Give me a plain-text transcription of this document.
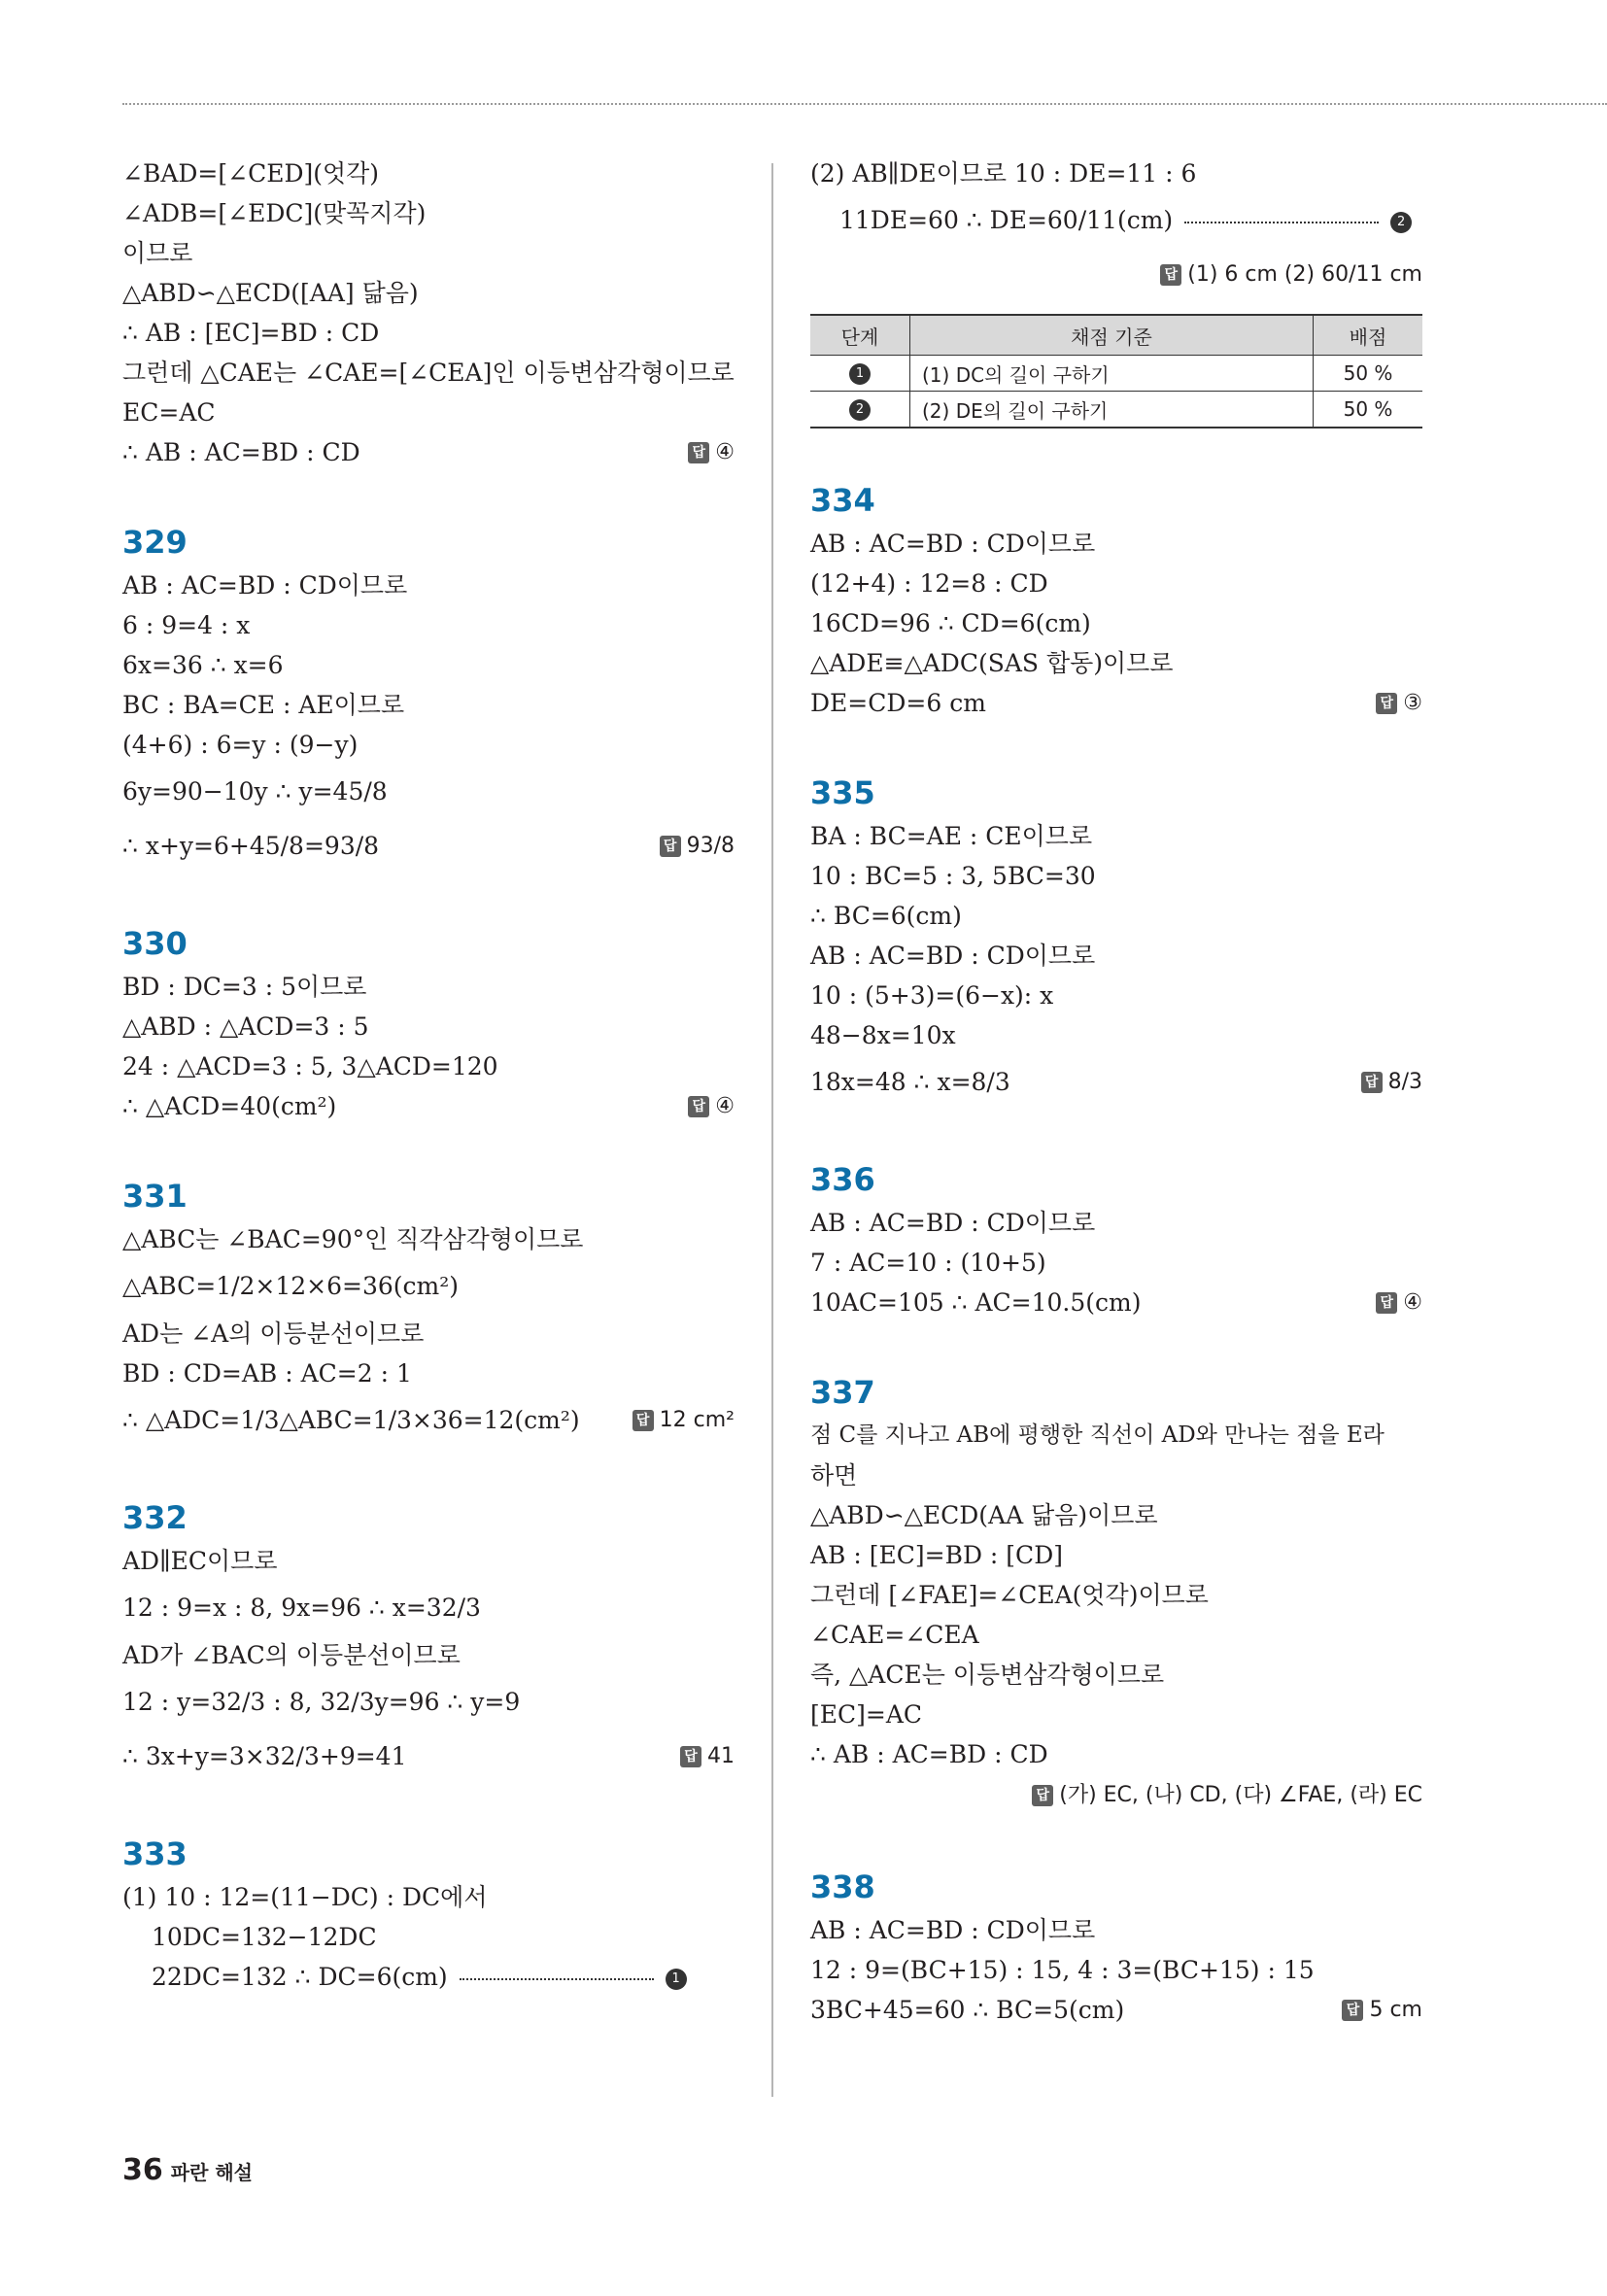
∠BAD=[∠CED](엇각)
∠ADB=[∠EDC](맞꼭지각)
이므로
△ABD∽△ECD([AA] 닮음)
∴ AB : [EC]=BD : CD
그런데 △CAE는 ∠CAE=[∠CEA]인 이등변삼각형이므로
EC=AC
∴ AB : AC=BD : CD	답 ④
329
AB : AC=BD : CD이므로
6 : 9=4 : x
6x=36 ∴ x=6
BC : BA=CE : AE이므로
(4+6) : 6=y : (9−y)
6y=90−10y ∴ y=45/8
∴ x+y=6+45/8=93/8	답 93/8
330
BD : DC=3 : 5이므로
△ABD : △ACD=3 : 5
24 : △ACD=3 : 5, 3△ACD=120
∴ △ACD=40(cm²)	답 ④
331
△ABC는 ∠BAC=90°인 직각삼각형이므로
△ABC=1/2×12×6=36(cm²)
AD는 ∠A의 이등분선이므로
BD : CD=AB : AC=2 : 1
∴ △ADC=1/3△ABC=1/3×36=12(cm²)	답 12 cm²
332
AD∥EC이므로
12 : 9=x : 8, 9x=96 ∴ x=32/3
AD가 ∠BAC의 이등분선이므로
12 : y=32/3 : 8, 32/3y=96 ∴ y=9
∴ 3x+y=3×32/3+9=41	답 41
333
(1) 10 : 12=(11−DC) : DC에서
10DC=132−12DC
22DC=132 ∴ DC=6(cm)	1
(2) AB∥DE이므로 10 : DE=11 : 6
11DE=60 ∴ DE=60/11(cm)	2
답 (1) 6 cm (2) 60/11 cm
단계	채점 기준	배점
1	(1) DC의 길이 구하기	50 %
2	(2) DE의 길이 구하기	50 %
334
AB : AC=BD : CD이므로
(12+4) : 12=8 : CD
16CD=96 ∴ CD=6(cm)
△ADE≡△ADC(SAS 합동)이므로
DE=CD=6 cm	답 ③
335
BA : BC=AE : CE이므로
10 : BC=5 : 3, 5BC=30
∴ BC=6(cm)
AB : AC=BD : CD이므로
10 : (5+3)=(6−x): x
48−8x=10x
18x=48 ∴ x=8/3	답 8/3
336
AB : AC=BD : CD이므로
7 : AC=10 : (10+5)
10AC=105 ∴ AC=10.5(cm)	답 ④
337
점 C를 지나고 AB에 평행한 직선이 AD와 만나는 점을 E라
하면
△ABD∽△ECD(AA 닮음)이므로
AB : [EC]=BD : [CD]
그런데 [∠FAE]=∠CEA(엇각)이므로
∠CAE=∠CEA
즉, △ACE는 이등변삼각형이므로
[EC]=AC
∴ AB : AC=BD : CD
답 (가) EC, (나) CD, (다) ∠FAE, (라) EC
338
AB : AC=BD : CD이므로
12 : 9=(BC+15) : 15, 4 : 3=(BC+15) : 15
3BC+45=60 ∴ BC=5(cm)	답 5 cm
36 파란 해설
